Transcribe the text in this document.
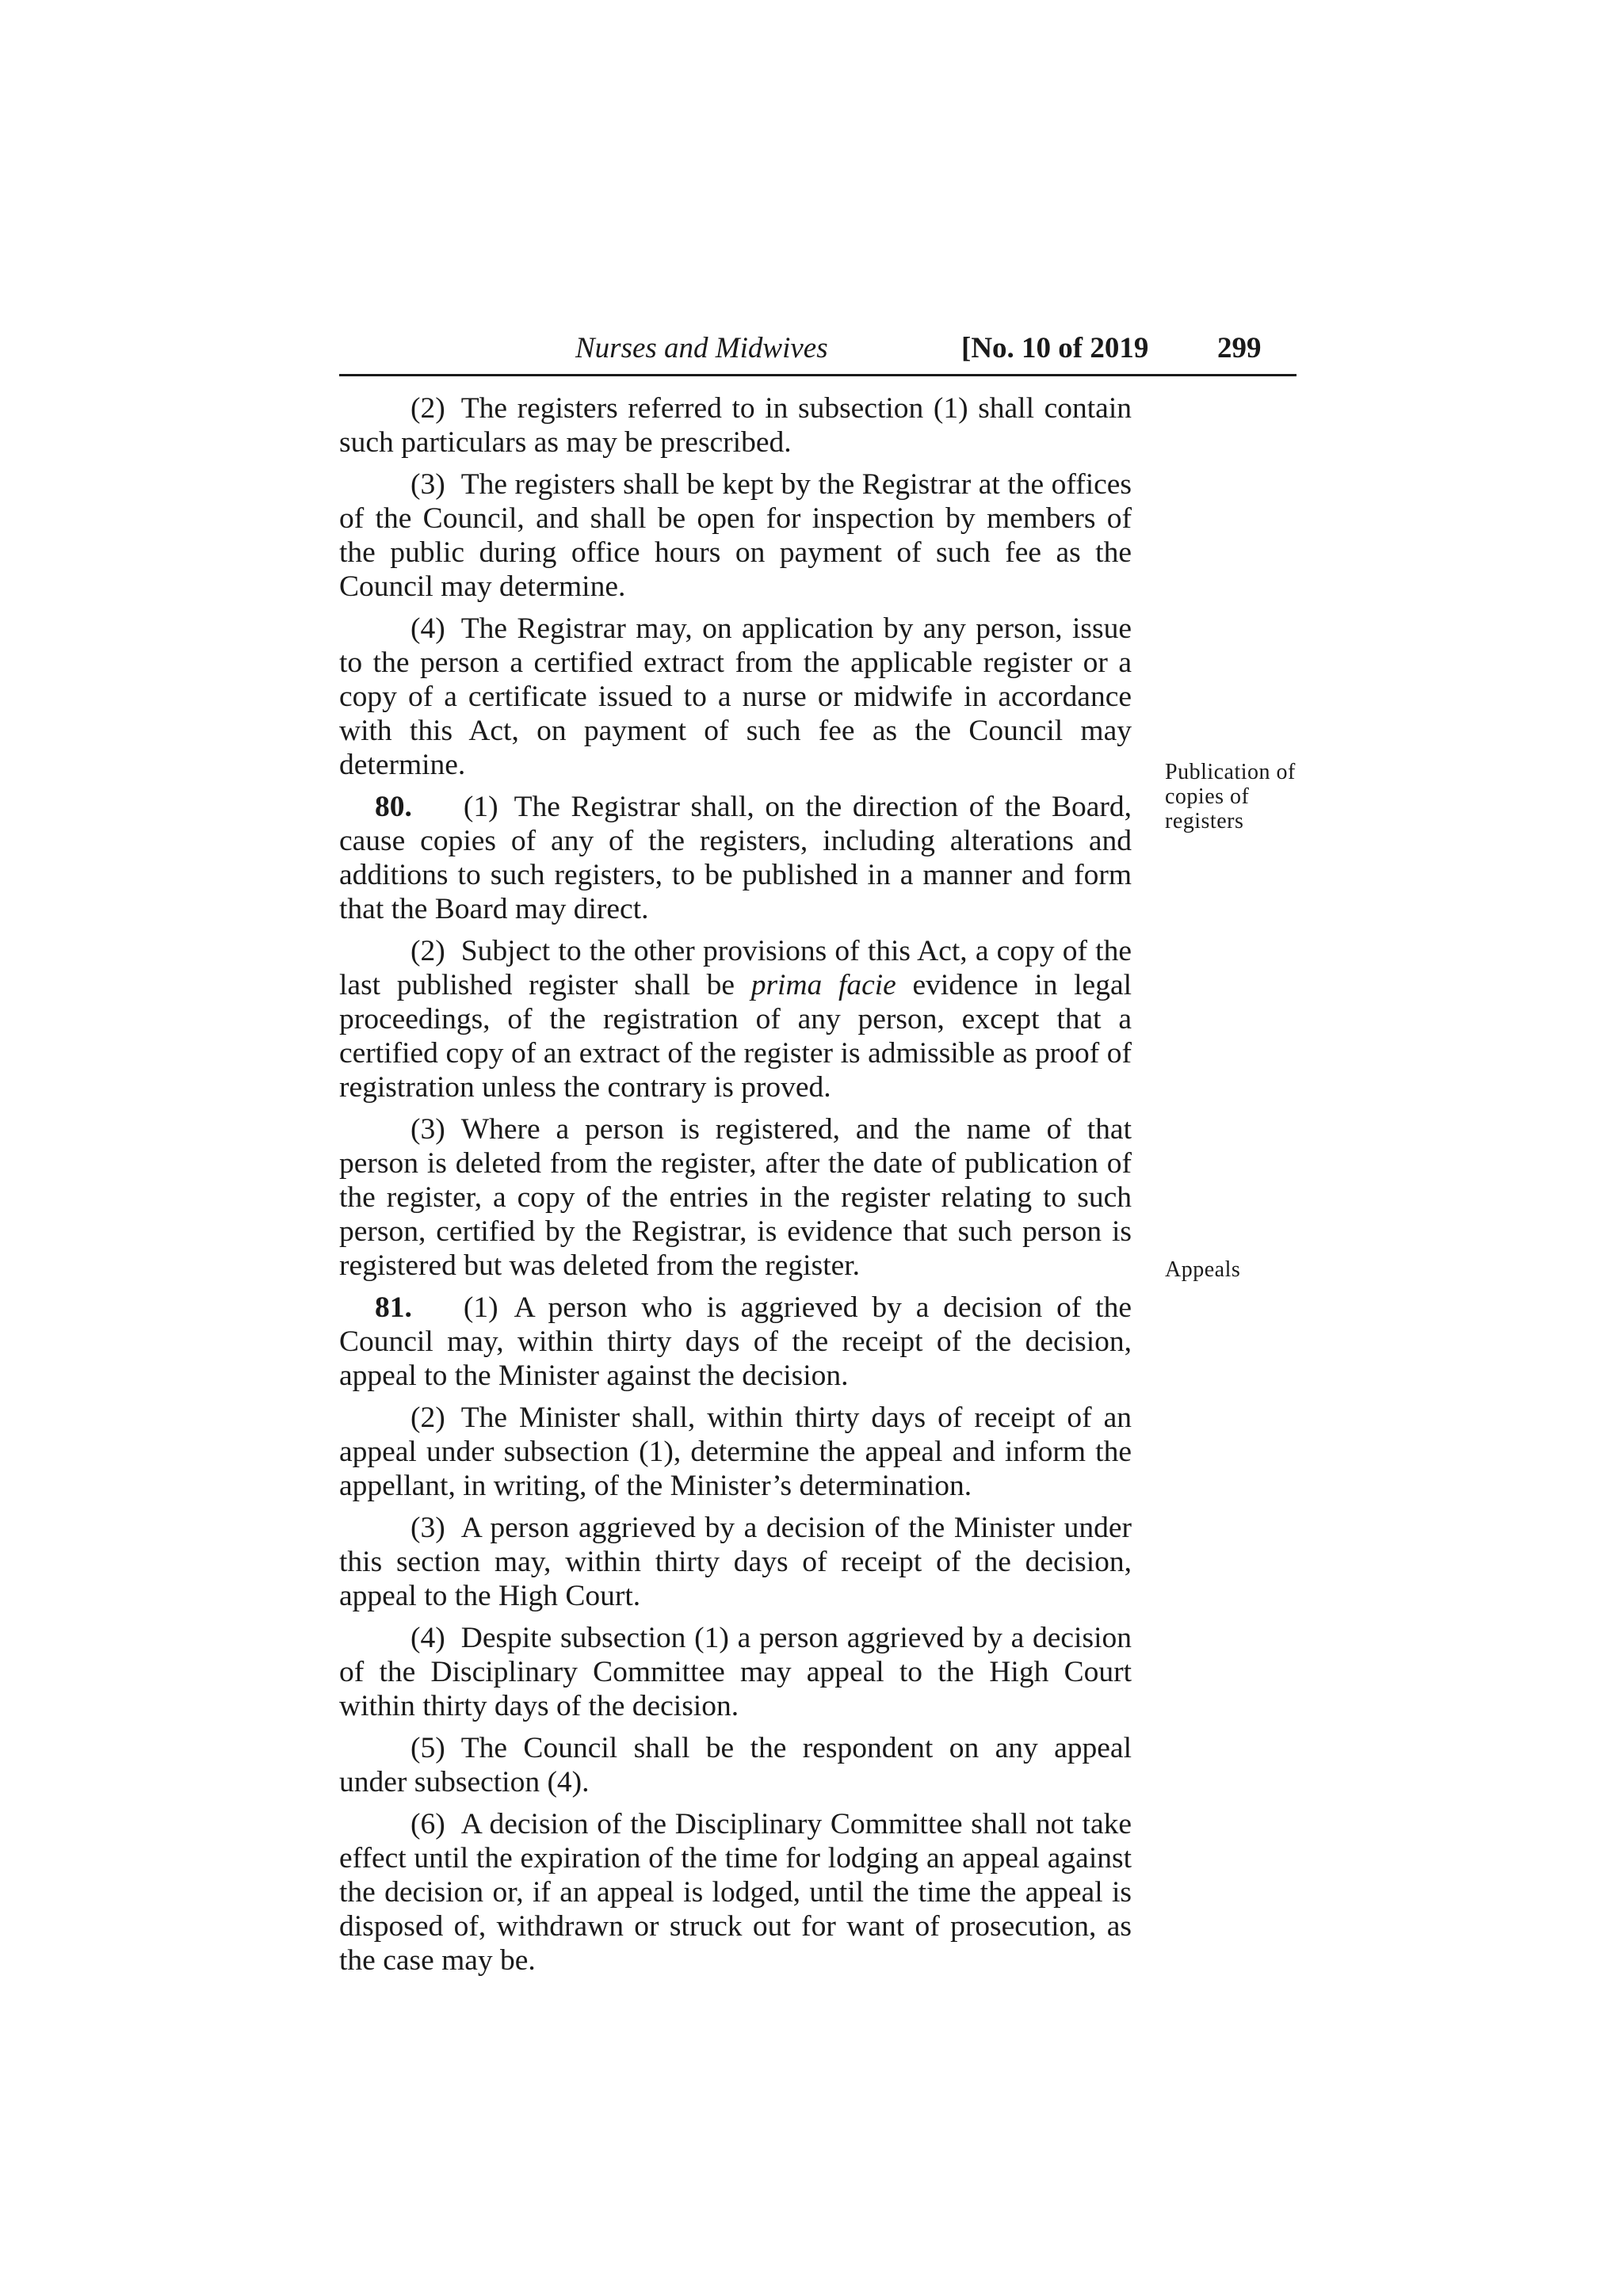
Nurses and Midwives	[No. 10 of 2019 299

(2) The registers referred to in subsection (1) shall contain such particulars as may be prescribed.

(3) The registers shall be kept by the Registrar at the offices of the Council, and shall be open for inspection by members of the public during office hours on payment of such fee as the Council may determine.

(4) The Registrar may, on application by any person, issue to the person a certified extract from the applicable register or a copy of a certificate issued to a nurse or midwife in accordance with this Act, on payment of such fee as the Council may determine.

80. (1) The Registrar shall, on the direction of the Board, cause copies of any of the registers, including alterations and additions to such registers, to be published in a manner and form that the Board may direct.

(2) Subject to the other provisions of this Act, a copy of the last published register shall be prima facie evidence in legal proceedings, of the registration of any person, except that a certified copy of an extract of the register is admissible as proof of registration unless the contrary is proved.

(3) Where a person is registered, and the name of that person is deleted from the register, after the date of publication of the register, a copy of the entries in the register relating to such person, certified by the Registrar, is evidence that such person is registered but was deleted from the register.

81. (1) A person who is aggrieved by a decision of the Council may, within thirty days of the receipt of the decision, appeal to the Minister against the decision.

(2) The Minister shall, within thirty days of receipt of an appeal under subsection (1), determine the appeal and inform the appellant, in writing, of the Minister’s determination.

(3) A person aggrieved by a decision of the Minister under this section may, within thirty days of receipt of the decision, appeal to the High Court.

(4) Despite subsection (1) a person aggrieved by a decision of the Disciplinary Committee may appeal to the High Court within thirty days of the decision.

(5) The Council shall be the respondent on any appeal under subsection (4).

(6) A decision of the Disciplinary Committee shall not take effect until the expiration of the time for lodging an appeal against the decision or, if an appeal is lodged, until the time the appeal is disposed of, withdrawn or struck out for want of prosecution, as the case may be.

Publication of copies of registers
Appeals
